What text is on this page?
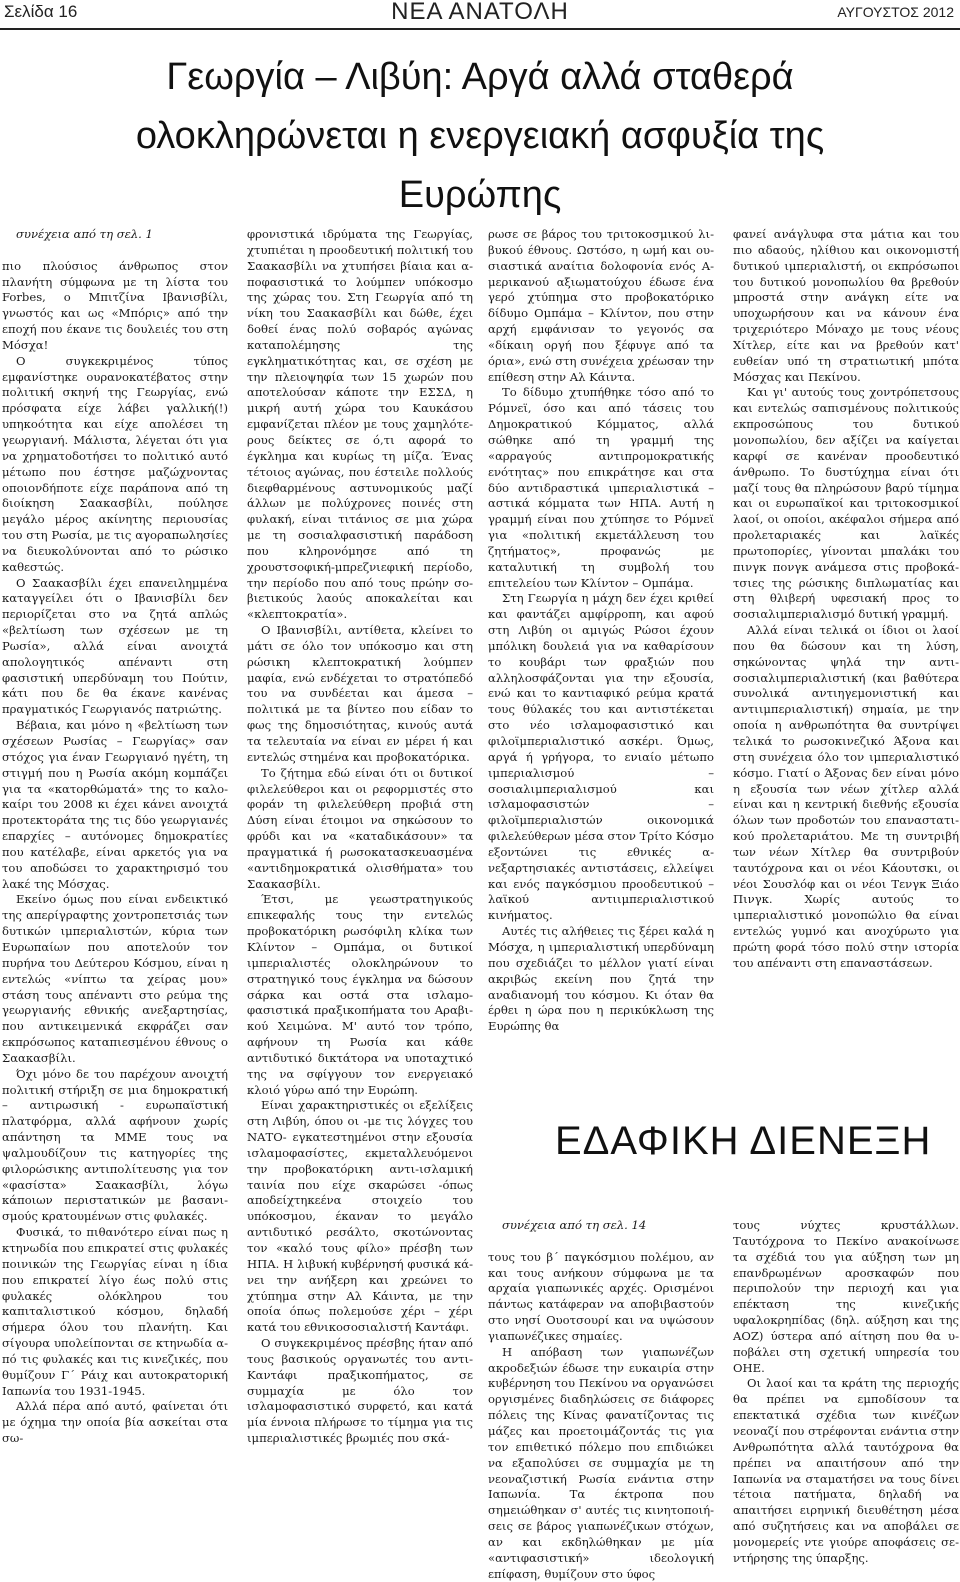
Σελίδα 16	ΝΕΑ ΑΝΑΤΟΛΗ	ΑΥΓΟΥΣΤΟΣ 2012
Γεωργία – Λιβύη: Αργά αλλά σταθερά
ολοκληρώνεται η ενεργειακή ασφυξία της
Ευρώπης

συνέχεια από τη σελ. 1

πιο πλούσιος άνθρωπος στον πλανήτη σύμφωνα με τη λίστα του Forbes, ο Μπιτζίνα Ιβανισβίλι, γνωστός και ως «Μπόρις» από την εποχή που έκανε τις δουλειές του στη Μόσχα!

Ο συγκεκριμένος τύπος εμφανίστηκε ουρανοκατέβατος στην πολιτική σκηνή της Γεωργίας, ενώ πρόσφατα είχε λάβει γαλλική(!) υπηκοότητα και είχε απολέσει τη γεωργιανή. Μάλιστα, λέγεται ότι για να χρηματοδοτήσει το πολιτικό αυτό μέτωπο που έστησε μαζώχνοντας οποιονδήποτε είχε παράπονα από τη διοίκηση Σαακασβίλι, πούλησε μεγάλο μέρος ακίνητης περιουσίας του στη Ρωσία, με τις αγοραπωλησίες να διευκολύνονται από το ρώσικο καθεστώς.

Ο Σαακασβίλι έχει επανειλημμένα καταγγείλει ότι ο Ιβανισβίλι δεν περιορίζεται στο να ζητά απλώς «βελτίωση των σχέσεων με τη Ρωσία», αλλά είναι ανοιχτά απολογητικός απέναντι στη φασιστική υπερδύναμη του Πούτιν, κάτι που δε θα έκανε κανένας πραγματικός Γεωργιανός πατριώτης.

Βέβαια, και μόνο η «βελτίωση των σχέσεων Ρωσίας – Γεωργίας» σαν στόχος για έναν Γεωργιανό ηγέτη, τη στιγμή που η Ρωσία ακόμη κομπάζει για τα «κατορθώματά» της το καλοκαίρι του 2008 κι έχει κάνει ανοιχτά προτεκτοράτα της τις δύο γεωργιανές επαρχίες – αυτόνομες δημοκρατίες που κατέλαβε, είναι αρκετός για να του αποδώσει το χαρακτηρισμό του λακέ της Μόσχας.

Εκείνο όμως που είναι ενδεικτικό της απερίγραφτης χοντροπετσιάς των δυτικών ιμπεριαλιστών, κύρια των Ευρωπαίων που αποτελούν τον πυρήνα του Δεύτερου Κόσμου, είναι η εντελώς «νίπτω τα χείρας μου» στάση τους απέναντι στο ρεύμα της γεωργιανής εθνικής ανεξαρτησίας, που αντικειμενικά εκφράζει σαν εκπρόσωπος καταπιεσμένου έθνους ο Σαακασβίλι.

Όχι μόνο δε του παρέχουν ανοιχτή πολιτική στήριξη σε μια δημοκρατική – αντιρωσική - ευρωπαϊστική πλατφόρμα, αλλά αφήνουν χωρίς απάντηση τα ΜΜΕ τους να ψαλμουδίζουν τις κατηγορίες της φιλορώσικης αντιπολίτευσης για τον «φασίστα» Σαακασβίλι, λόγω κάποιων περιστατικών με βασανισμούς κρατουμένων στις φυλακές.

Φυσικά, το πιθανότερο είναι πως η κτηνωδία που επικρατεί στις φυλακές ποινικών της Γεωργίας είναι η ίδια που επικρατεί λίγο έως πολύ στις φυλακές ολόκληρου του καπιταλιστικού κόσμου, δηλαδή σήμερα όλου του πλανήτη. Και σίγουρα υπολείπονται σε κτηνωδία από τις φυλακές και τις κινεζικές, που θυμίζουν Γ΄ Ράιχ και αυτοκρατορική Ιαπωνία του 1931-1945.

Αλλά πέρα από αυτό, φαίνεται ότι με όχημα την οποία βία ασκείται στα σω-

φρονιστικά ιδρύματα της Γεωργίας, χτυπιέται η προοδευτική πολιτική του Σαακασβίλι να χτυπήσει βίαια και αποφασιστικά το λούμπεν υπόκοσμο της χώρας του. Στη Γεωργία από τη νίκη του Σαακασβίλι και δώθε, έχει δοθεί ένας πολύ σοβαρός αγώνας καταπολέμησης της εγκληματικότητας και, σε σχέση με την πλειοψηφία των 15 χωρών που αποτελούσαν κάποτε την ΕΣΣΔ, η μικρή αυτή χώρα του Καυκάσου εμφανίζεται πλέον με τους χαμηλότερους δείκτες σε ό,τι αφορά το έγκλημα και κυρίως τη μίζα. Ένας τέτοιος αγώνας, που έστειλε πολλούς διεφθαρμένους αστυνομικούς μαζί άλλων με πολύχρονες ποινές στη φυλακή, είναι τιτάνιος σε μια χώρα με τη σοσιαλφασιστική παράδοση που κληρονόμησε από τη χρουστσοφική-μπρεζνιεφική περίοδο, την περίοδο που από τους πρώην σοβιετικούς λαούς αποκαλείται και «κλεπτοκρατία».

Ο Ιβανισβίλι, αντίθετα, κλείνει το μάτι σε όλο τον υπόκοσμο και στη ρώσικη κλεπτοκρατική λούμπεν μαφία, ενώ ενδέχεται το στρατόπεδό του να συνδέεται και άμεσα – πολιτικά με τα βίντεο που είδαν το φως της δημοσιότητας, κινούς αυτά τα τελευταία να είναι εν μέρει ή και εντελώς στημένα και προβοκατόρικα.

Το ζήτημα εδώ είναι ότι οι δυτικοί φιλελεύθεροι και οι ρεφορμιστές στο φοράν τη φιλελεύθερη προβιά στη Δύση είναι έτοιμοι να σηκώσουν το φρύδι και να «καταδικάσουν» τα πραγματικά ή ρωσοκατασκευασμένα «αντιδημοκρατικά ολισθήματα» του Σαακασβίλι.

Έτσι, με γεωστρατηγικούς επικεφαλής τους την εντελώς προβοκατόρικη ρωσόφιλη κλίκα των Κλίντον – Ομπάμα, οι δυτικοί ιμπεριαλιστές ολοκληρώνουν το στρατηγικό τους έγκλημα να δώσουν σάρκα και οστά στα ισλαμοφασιστικά πραξικοπήματα του Αραβικού Χειμώνα. Μ' αυτό τον τρόπο, αφήνουν τη Ρωσία και κάθε αντιδυτικό δικτάτορα να υποταχτικό της να σφίγγουν τον ενεργειακό κλοιό γύρω από την Ευρώπη.

Είναι χαρακτηριστικές οι εξελίξεις στη Λιβύη, όπου οι -με τις λόγχες του ΝΑΤΟ- εγκατεστημένοι στην εξουσία ισλαμοφασίστες, εκμεταλλευόμενοι την προβοκατόρικη αντι-ισλαμική ταινία που είχε σκαρώσει -όπως αποδείχτηκεένα στοιχείο του υπόκοσμου, έκαναν το μεγάλο αντιδυτικό ρεσάλτο, σκοτώνοντας τον «καλό τους φίλο» πρέσβη των ΗΠΑ. Η λιβυκή κυβέρνησή φυσικά κάνει την ανήξερη και χρεώνει το χτύπημα στην Αλ Κάιντα, με την οποία όπως πολεμούσε χέρι – χέρι κατά του εθνικοσοσιαλιστή Καντάφι.

Ο συγκεκριμένος πρέσβης ήταν από τους βασικούς οργανωτές του αντι-Καντάφι πραξικοπήματος, σε συμμαχία με όλο τον ισλαμοφασιστικό συρφετό, και κατά μία έννοια πλήρωσε το τίμημα για τις ιμπεριαλιστικές βρωμιές που σκά-

ρωσε σε βάρος του τριτοκοσμικού λιβυκού έθνους. Ωστόσο, η ωμή και ουσιαστικά αναίτια δολοφονία ενός Αμερικανού αξιωματούχου έδωσε ένα γερό χτύπημα στο προβοκατόρικο δίδυμο Ομπάμα – Κλίντον, που στην αρχή εμφάνισαν το γεγονός σα «δίκαιη οργή που ξέφυγε από τα όρια», ενώ στη συνέχεια χρέωσαν την επίθεση στην Αλ Κάιντα.

Το δίδυμο χτυπήθηκε τόσο από το Ρόμνεϊ, όσο και από τάσεις του Δημοκρατικού Κόμματος, αλλά σώθηκε από τη γραμμή της «αρραγούς αντιπρομοκρατικής ενότητας» που επικράτησε και στα δύο αντιδραστικά ιμπεριαλιστικά – αστικά κόμματα των ΗΠΑ. Αυτή η γραμμή είναι που χτύπησε το Ρόμνεϊ για «πολιτική εκμετάλλευση του ζητήματος», προφανώς με καταλυτική τη συμβολή του επιτελείου των Κλίντον – Ομπάμα.

Στη Γεωργία η μάχη δεν έχει κριθεί και φαντάζει αμφίρροπη, και αφού στη Λιβύη οι αμιγώς Ρώσοι έχουν μπόλικη δουλειά για να καθαρίσουν το κουβάρι των φραξιών που αλληλοσφάζονται για την εξουσία, ενώ και το καντιαφικό ρεύμα κρατά τους θύλακές του και αντιστέκεται στο νέο ισλαμοφασιστικό και φιλοϊμπεριαλιστικό ασκέρι. Όμως, αργά ή γρήγορα, το ενιαίο μέτωπο ιμπεριαλισμού – σοσιαλιμπεριαλισμού και ισλαμοφασιστών – φιλοϊμπεριαλιστών οικονομικά φιλελεύθερων μέσα στον Τρίτο Κόσμο εξοντώνει τις εθνικές ανεξαρτησιακές αντιστάσεις, ελλείψει και ενός παγκόσμιου προοδευτικού – λαϊκού αντιιμπεριαλιστικού κινήματος.

Αυτές τις αλήθειες τις ξέρει καλά η Μόσχα, η ιμπεριαλιστική υπερδύναμη που σχεδιάζει το μέλλον γιατί είναι ακριβώς εκείνη που ζητά την αναδιανομή του κόσμου. Κι όταν θα έρθει η ώρα που η περικύκλωση της Ευρώπης θα

φανεί ανάγλυφα στα μάτια και του πιο αδαούς, ηλίθιου και οικονομιστή δυτικού ιμπεριαλιστή, οι εκπρόσωποι του δυτικού μονοπωλίου θα βρεθούν μπροστά στην ανάγκη είτε να υποχωρήσουν και να κάνουν ένα τριχεριότερο Μόναχο με τους νέους Χίτλερ, είτε και να βρεθούν κατ' ευθείαν υπό τη στρατιωτική μπότα Μόσχας και Πεκίνου.

Και γι' αυτούς τους χοντρόπετσους και εντελώς σαπισμένους πολιτικούς εκπροσώπους του δυτικού μονοπωλίου, δεν αξίζει να καίγεται καρφί σε κανέναν προοδευτικό άνθρωπο. Το δυστύχημα είναι ότι μαζί τους θα πληρώσουν βαρύ τίμημα και οι ευρωπαϊκοί και τριτοκοσμικοί λαοί, οι οποίοι, ακέφαλοι σήμερα από προλεταριακές και λαϊκές πρωτοπορίες, γίνονται μπαλάκι του πινγκ πονγκ ανάμεσα στις προβοκάτσιες της ρώσικης διπλωματίας και στη θλιβερή υφεσιακή προς το σοσιαλιμπεριαλισμό δυτική γραμμή.

Αλλά είναι τελικά οι ίδιοι οι λαοί που θα δώσουν και τη λύση, σηκώνοντας ψηλά την αντι-σοσιαλιμπεριαλιστική (και βαθύτερα συνολικά αντιηγεμονιστική και αντιιμπεριαλιστική) σημαία, με την οποία η ανθρωπότητα θα συντρίψει τελικά το ρωσοκινεζικό Άξονα και στη συνέχεια όλο τον ιμπεριαλιστικό κόσμο. Γιατί ο Άξονας δεν είναι μόνο η εξουσία των νέων χίτλερ αλλά είναι και η κεντρική διεθνής εξουσία όλων των προδοτών του επαναστατικού προλεταριάτου. Με τη συντριβή των νέων Χίτλερ θα συντριβούν ταυτόχρονα και οι νέοι Κάουτσκι, οι νέοι Σουσλόφ και οι νέοι Τενγκ Ξιάο Πινγκ. Χωρίς αυτούς το ιμπεριαλιστικό μονοπώλιο θα είναι εντελώς γυμνό και ανοχύρωτο για πρώτη φορά τόσο πολύ στην ιστορία του απέναντι στη επαναστάσεων.

ΕΔΑΦΙΚΗ ΔΙΕΝΕΞΗ

συνέχεια από τη σελ. 14

τους του β΄ παγκόσμιου πολέμου, αν και τους ανήκουν σύμφωνα με τα αρχαία γιαπωνικές αρχές. Ορισμένοι πάντως κατάφεραν να αποβιβαστούν στο νησί Ουοτσουρί και να υψώσουν γιαπωνέζικες σημαίες.

Η απόβαση των γιαπωνέζων ακροδεξιών έδωσε την ευκαιρία στην κυβέρνηση του Πεκίνου να οργανώσει οργισμένες διαδηλώσεις σε διάφορες πόλεις της Κίνας φανατίζοντας τις μάζες και προετοιμάζοντάς τις για τον επιθετικό πόλεμο που επιδιώκει να εξαπολύσει σε συμμαχία με τη νεοναζιστική Ρωσία ενάντια στην Ιαπωνία. Τα έκτροπα που σημειώθηκαν σ' αυτές τις κινητοποιήσεις σε βάρος γιαπωνέζικων στόχων, αν και εκδηλώθηκαν με μία «αντιφασιστική» ιδεολογική επίφαση, θυμίζουν στο ύφος

τους νύχτες κρυστάλλων. Ταυτόχρονα το Πεκίνο ανακοίνωσε τα σχέδιά του για αύξηση των μη επανδρωμένων αροσκαφών που περιπολούν την περιοχή και για επέκταση της κινεζικής υφαλοκρηπίδας (δηλ. αύξηση και της ΑΟΖ) ύστερα από αίτηση που θα υποβάλει στη σχετική υπηρεσία του ΟΗΕ.

Οι λαοί και τα κράτη της περιοχής θα πρέπει να εμποδίσουν τα επεκτατικά σχέδια των κινέζων νεοναζί που στρέφονται ενάντια στην Ανθρωπότητα αλλά ταυτόχρονα θα πρέπει να απαιτήσουν από την Ιαπωνία να σταματήσει να τους δίνει τέτοια πατήματα, δηλαδή να απαιτήσει ειρηνική διευθέτηση μέσα από συζητήσεις και να αποβάλει σε μονομερείς ντε γιούρε αποφάσεις σεντήρησης της ύπαρξης.
